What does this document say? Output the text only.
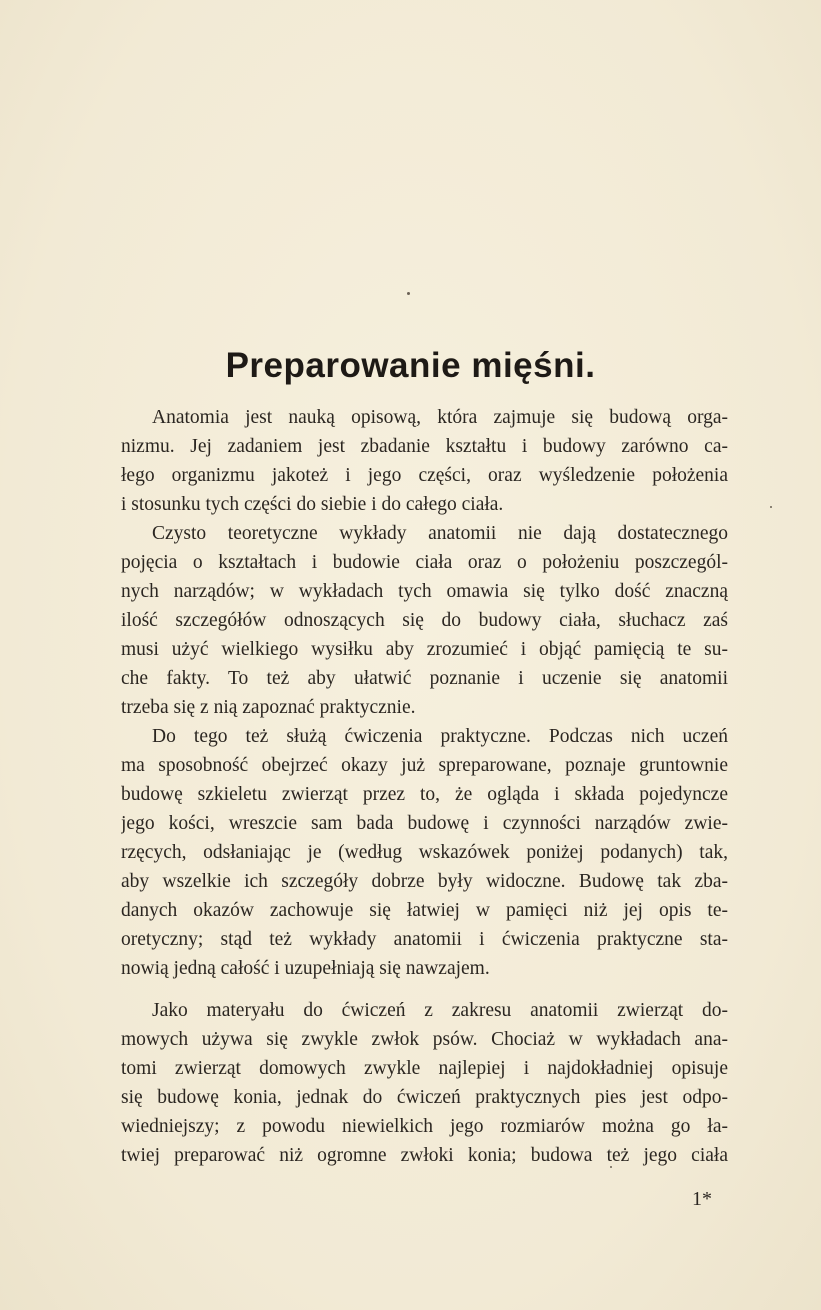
Preparowanie mięśni.
Anatomia jest nauką opisową, która zajmuje się budową orga-
nizmu. Jej zadaniem jest zbadanie kształtu i budowy zarówno ca-
łego organizmu jakoteż i jego części, oraz wyśledzenie położenia
i stosunku tych części do siebie i do całego ciała.
Czysto teoretyczne wykłady anatomii nie dają dostatecznego
pojęcia o kształtach i budowie ciała oraz o położeniu poszczegól-
nych narządów; w wykładach tych omawia się tylko dość znaczną
ilość szczegółów odnoszących się do budowy ciała, słuchacz zaś
musi użyć wielkiego wysiłku aby zrozumieć i objąć pamięcią te su-
che fakty. To też aby ułatwić poznanie i uczenie się anatomii
trzeba się z nią zapoznać praktycznie.
Do tego też służą ćwiczenia praktyczne. Podczas nich uczeń
ma sposobność obejrzeć okazy już spreparowane, poznaje gruntownie
budowę szkieletu zwierząt przez to, że ogląda i składa pojedyncze
jego kości, wreszcie sam bada budowę i czynności narządów zwie-
rzęcych, odsłaniając je (według wskazówek poniżej podanych) tak,
aby wszelkie ich szczegóły dobrze były widoczne. Budowę tak zba-
danych okazów zachowuje się łatwiej w pamięci niż jej opis te-
oretyczny; stąd też wykłady anatomii i ćwiczenia praktyczne sta-
nowią jedną całość i uzupełniają się nawzajem.
Jako materyału do ćwiczeń z zakresu anatomii zwierząt do-
mowych używa się zwykle zwłok psów. Chociaż w wykładach ana-
tomi zwierząt domowych zwykle najlepiej i najdokładniej opisuje
się budowę konia, jednak do ćwiczeń praktycznych pies jest odpo-
wiedniejszy; z powodu niewielkich jego rozmiarów można go ła-
twiej preparować niż ogromne zwłoki konia; budowa też jego ciała
1*
